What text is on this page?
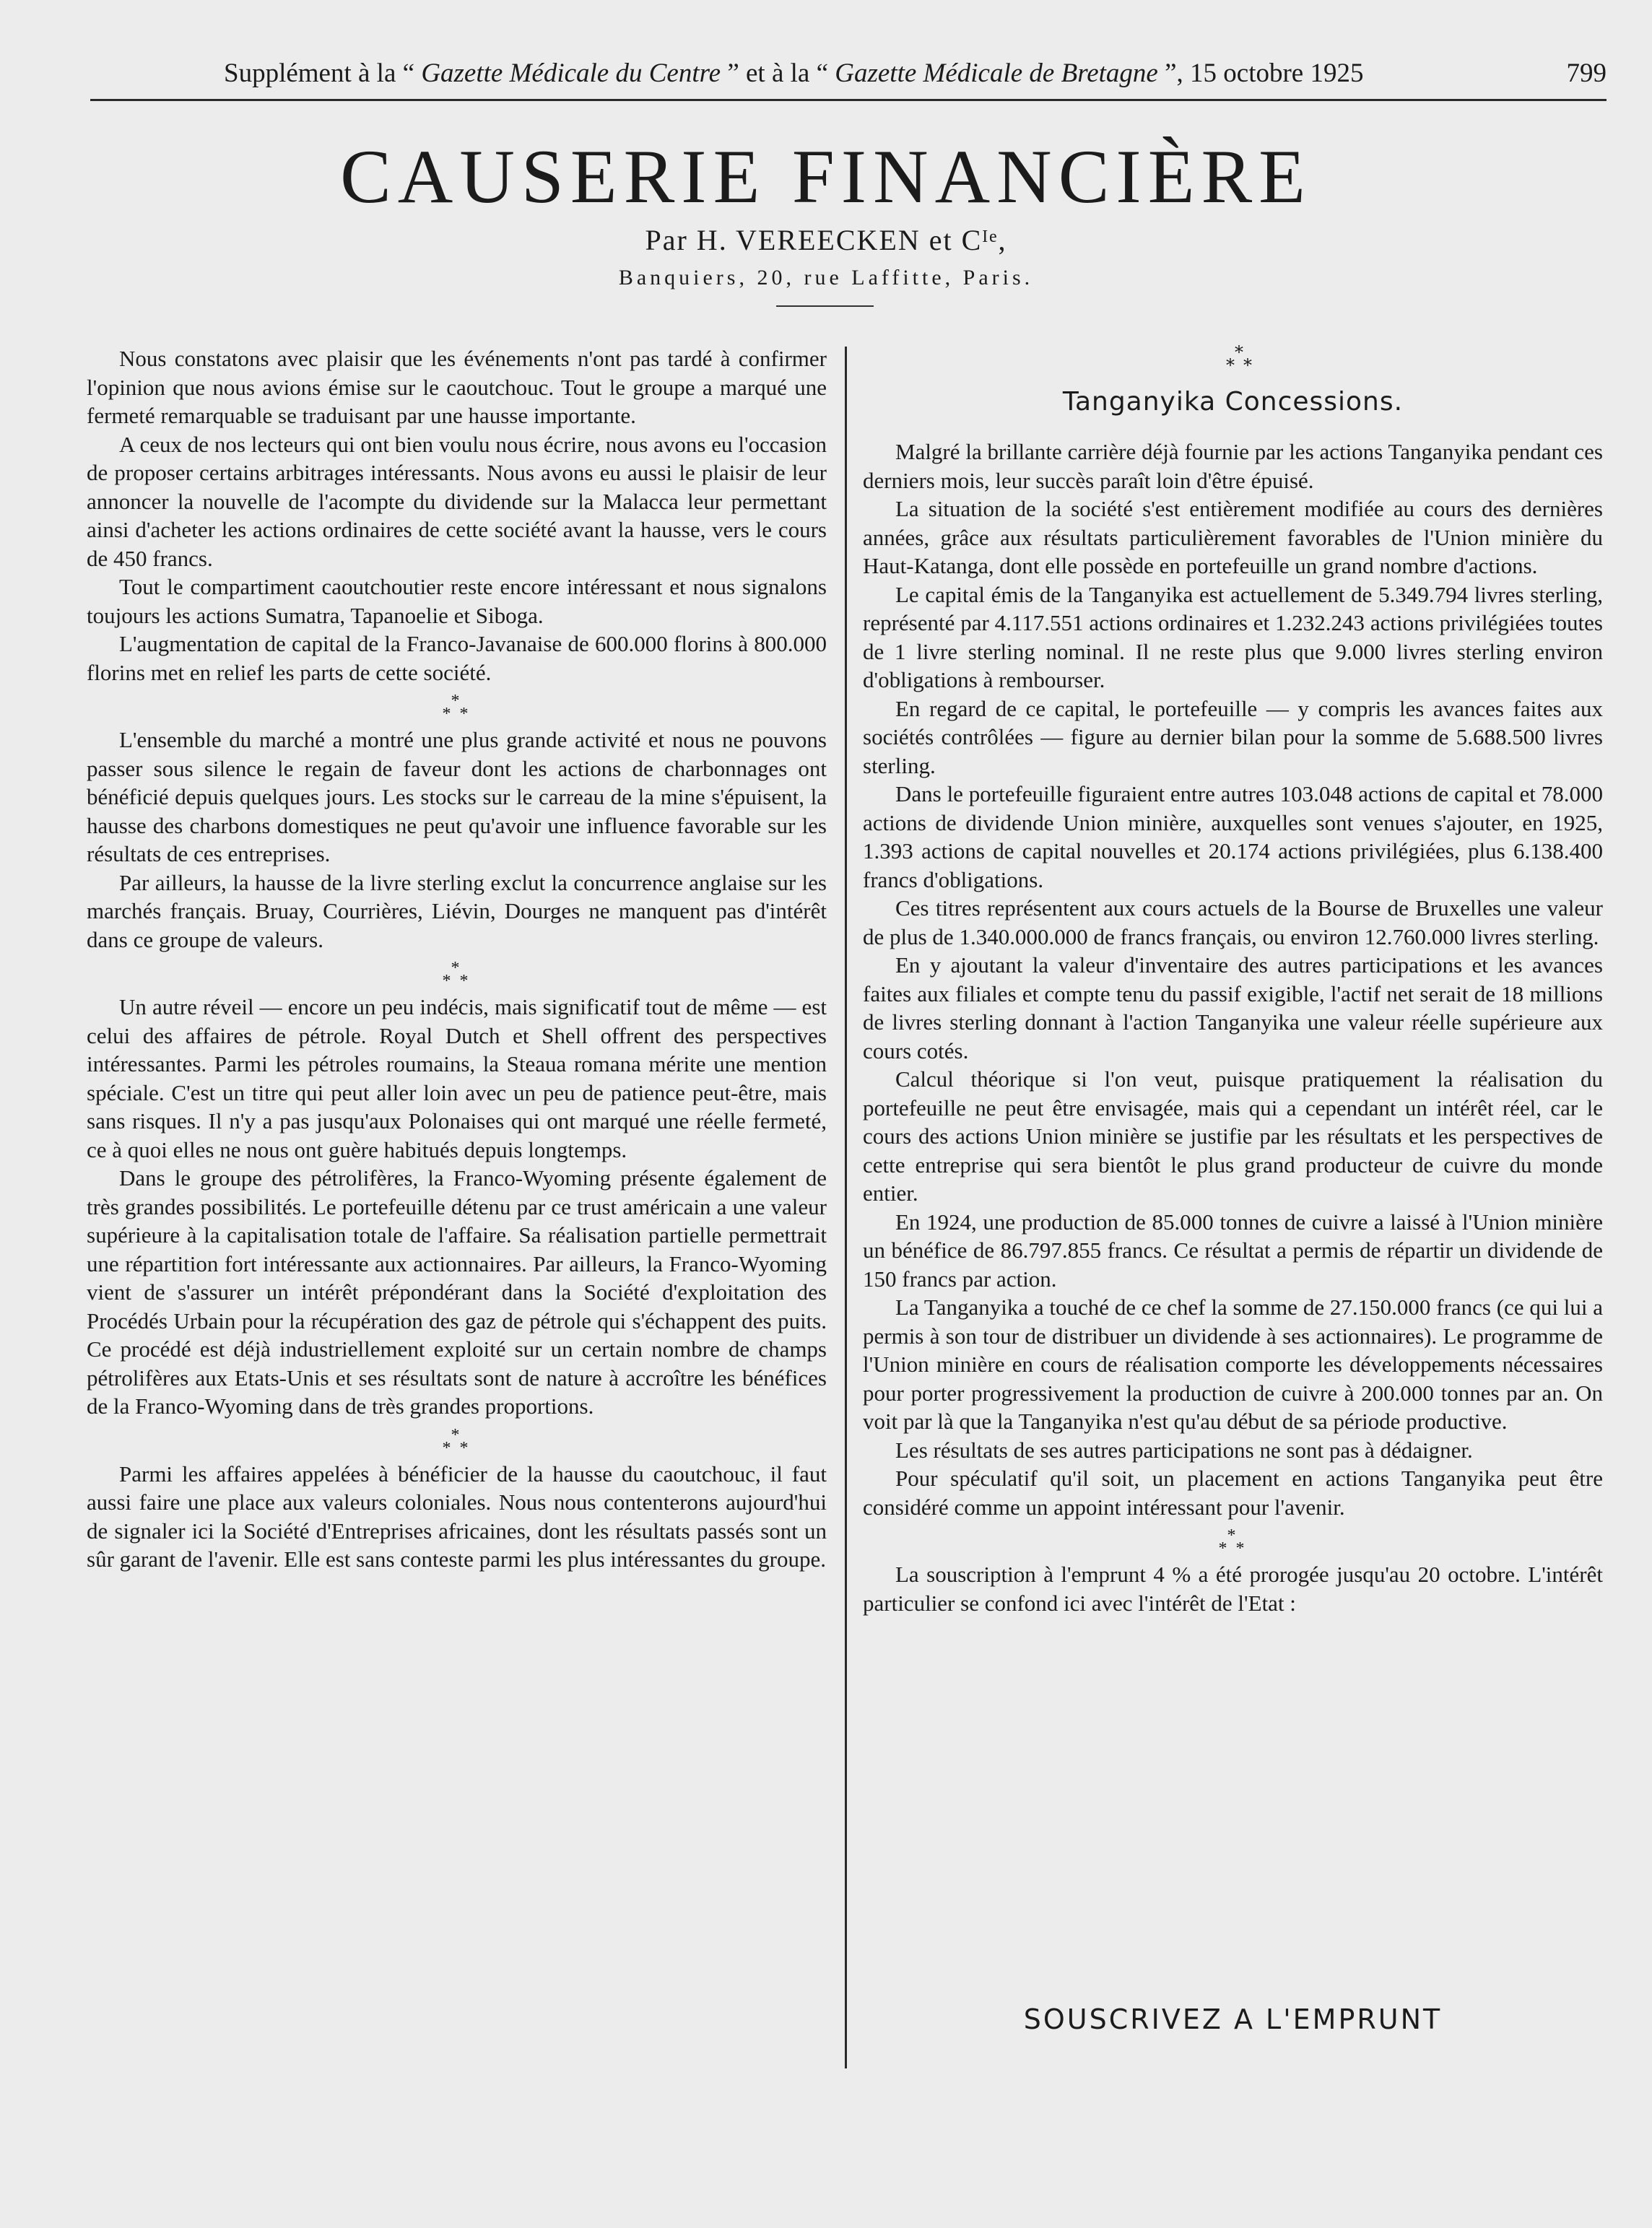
Supplément à la “ Gazette Médicale du Centre ” et à la “ Gazette Médicale de Bretagne ”, 15 octobre 1925	799
CAUSERIE FINANCIÈRE
Par H. VEREECKEN et Cᴵᵉ,
Banquiers, 20, rue Laffitte, Paris.

Nous constatons avec plaisir que les événements n'ont pas tardé à confirmer l'opinion que nous avions émise sur le caoutchouc. Tout le groupe a marqué une fermeté remarquable se traduisant par une hausse importante.

A ceux de nos lecteurs qui ont bien voulu nous écrire, nous avons eu l'occasion de proposer certains arbitrages intéressants. Nous avons eu aussi le plaisir de leur annoncer la nouvelle de l'acompte du dividende sur la Malacca leur permettant ainsi d'acheter les actions ordinaires de cette société avant la hausse, vers le cours de 450 francs.

Tout le compartiment caoutchoutier reste encore intéressant et nous signalons toujours les actions Sumatra, Tapanoelie et Siboga.

L'augmentation de capital de la Franco-Javanaise de 600.000 florins à 800.000 florins met en relief les parts de cette société.

*
* *

L'ensemble du marché a montré une plus grande activité et nous ne pouvons passer sous silence le regain de faveur dont les actions de charbonnages ont bénéficié depuis quelques jours. Les stocks sur le carreau de la mine s'épuisent, la hausse des charbons domestiques ne peut qu'avoir une influence favorable sur les résultats de ces entreprises.

Par ailleurs, la hausse de la livre sterling exclut la concurrence anglaise sur les marchés français. Bruay, Courrières, Liévin, Dourges ne manquent pas d'intérêt dans ce groupe de valeurs.

*
* *

Un autre réveil — encore un peu indécis, mais significatif tout de même — est celui des affaires de pétrole. Royal Dutch et Shell offrent des perspectives intéressantes. Parmi les pétroles roumains, la Steaua romana mérite une mention spéciale. C'est un titre qui peut aller loin avec un peu de patience peut-être, mais sans risques. Il n'y a pas jusqu'aux Polonaises qui ont marqué une réelle fermeté, ce à quoi elles ne nous ont guère habitués depuis longtemps.

Dans le groupe des pétrolifères, la Franco-Wyoming présente également de très grandes possibilités. Le portefeuille détenu par ce trust américain a une valeur supérieure à la capitalisation totale de l'affaire. Sa réalisation partielle permettrait une répartition fort intéressante aux actionnaires. Par ailleurs, la Franco-Wyoming vient de s'assurer un intérêt prépondérant dans la Société d'exploitation des Procédés Urbain pour la récupération des gaz de pétrole qui s'échappent des puits. Ce procédé est déjà industriellement exploité sur un certain nombre de champs pétrolifères aux Etats-Unis et ses résultats sont de nature à accroître les bénéfices de la Franco-Wyoming dans de très grandes proportions.

*
* *

Parmi les affaires appelées à bénéficier de la hausse du caoutchouc, il faut aussi faire une place aux valeurs coloniales. Nous nous contenterons aujourd'hui de signaler ici la Société d'Entreprises africaines, dont les résultats passés sont un sûr garant de l'avenir. Elle est sans conteste parmi les plus intéressantes du groupe.

*
* *
Tanganyika Concessions.

Malgré la brillante carrière déjà fournie par les actions Tanganyika pendant ces derniers mois, leur succès paraît loin d'être épuisé.

La situation de la société s'est entièrement modifiée au cours des dernières années, grâce aux résultats particulièrement favorables de l'Union minière du Haut-Katanga, dont elle possède en portefeuille un grand nombre d'actions.

Le capital émis de la Tanganyika est actuellement de 5.349.794 livres sterling, représenté par 4.117.551 actions ordinaires et 1.232.243 actions privilégiées toutes de 1 livre sterling nominal. Il ne reste plus que 9.000 livres sterling environ d'obligations à rembourser.

En regard de ce capital, le portefeuille — y compris les avances faites aux sociétés contrôlées — figure au dernier bilan pour la somme de 5.688.500 livres sterling.

Dans le portefeuille figuraient entre autres 103.048 actions de capital et 78.000 actions de dividende Union minière, auxquelles sont venues s'ajouter, en 1925, 1.393 actions de capital nouvelles et 20.174 actions privilégiées, plus 6.138.400 francs d'obligations.

Ces titres représentent aux cours actuels de la Bourse de Bruxelles une valeur de plus de 1.340.000.000 de francs français, ou environ 12.760.000 livres sterling.

En y ajoutant la valeur d'inventaire des autres participations et les avances faites aux filiales et compte tenu du passif exigible, l'actif net serait de 18 millions de livres sterling donnant à l'action Tanganyika une valeur réelle supérieure aux cours cotés.

Calcul théorique si l'on veut, puisque pratiquement la réalisation du portefeuille ne peut être envisagée, mais qui a cependant un intérêt réel, car le cours des actions Union minière se justifie par les résultats et les perspectives de cette entreprise qui sera bientôt le plus grand producteur de cuivre du monde entier.

En 1924, une production de 85.000 tonnes de cuivre a laissé à l'Union minière un bénéfice de 86.797.855 francs. Ce résultat a permis de répartir un dividende de 150 francs par action.

La Tanganyika a touché de ce chef la somme de 27.150.000 francs (ce qui lui a permis à son tour de distribuer un dividende à ses actionnaires). Le programme de l'Union minière en cours de réalisation comporte les développements nécessaires pour porter progressivement la production de cuivre à 200.000 tonnes par an. On voit par là que la Tanganyika n'est qu'au début de sa période productive.

Les résultats de ses autres participations ne sont pas à dédaigner.

Pour spéculatif qu'il soit, un placement en actions Tanganyika peut être considéré comme un appoint intéressant pour l'avenir.

*
* *

La souscription à l'emprunt 4 % a été prorogée jusqu'au 20 octobre. L'intérêt particulier se confond ici avec l'intérêt de l'Etat :

SOUSCRIVEZ A L'EMPRUNT
